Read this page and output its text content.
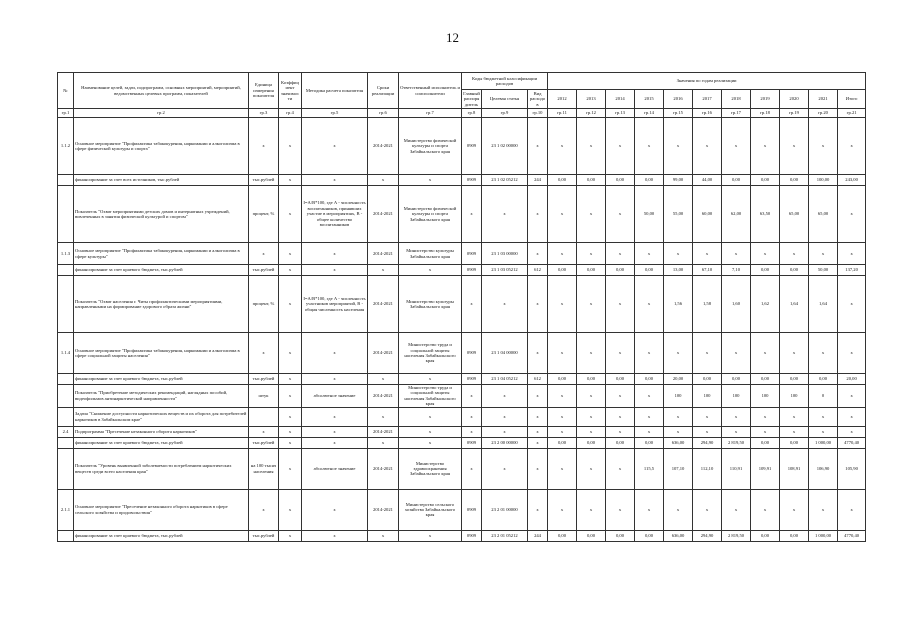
12
№	Наименование целей, задач, подпрограмм, основных мероприятий, мероприятий, ведомственных целевых программ, показателей	Единица измерения показателя	Коэффициент значимости	Методика расчета показателя	Сроки реализации	Ответственный исполнитель и соисполнители	Коды бюджетной классификации расходов			Значения по годам реализации											
							Главный распорядитель	Целевая статья	Вид расходов	2012	2013	2014	2015	2016	2017	2018	2019	2020	2021	Итого	
гр.1	гр.2	гр.3	гр.4	гр.5	гр.6	гр.7	гр.8	гр.9	гр.10	гр.11	гр.12	гр.13	гр.14	гр.15	гр.16	гр.17	гр.18	гр.19	гр.20	гр.21	
1.1.2	Основное мероприятие "Профилактика табакокурения, наркомании и алкоголизма в сфере физической культуры и спорта"	х	х	х	2014-2021	Министерство физической культуры и спорта Забайкальского края	0909	23 1 02 00000	х	х	х	х	х	х	х	х	х	х	х	х	
	финансирование за счет всех источников, тыс.рублей	тыс.рублей	х	х	х	х	0909	23 1 02 05212	244	0,00	0,00	0,00	0,00	99,00	44,00	0,00	0,00	0,00	100,00	243,00	
	Показатель "Охват мероприятиями детских домов и интернатных учреждений, вовлеченных в занятия физической культурой и спортом"	процент, %	х	I=A/B*100, где А - численность воспитанников, принявших участие в мероприятиях, В - общее количество воспитанников	2014-2021	Министерство физической культуры и спорта Забайкальского края	х	х	х	х	х	х	50,00	55,00	60,00	62,00	63,50	65,00	65,00	х	
1.1.3	Основное мероприятие "Профилактика табакокурения, наркомании и алкоголизма в сфере культуры"	х	х	х	2014-2021	Министерство культуры Забайкальского края	0909	23 1 03 00000	х	х	х	х	х	х	х	х	х	х	х	х	
	финансирование за счет краевого бюджета, тыс.рублей	тыс.рублей	х	х	х	х	0909	23 1 03 05212	612	0,00	0,00	0,00	0,00	13,00	67,10	7,10	0,00	0,00	50,00	137,20	
	Показатель "Охват населения г. Читы профилактическими мероприятиями, направленными на формирование здорового образа жизни"	процент, %	х	I=A/B*100, где А - численность участников мероприятий, В - общая численность населения	2014-2021	Министерство культуры Забайкальского края	х	х	х	х	х	х	х	1,56	1,58	1,60	1,62	1,64	1,64	х	
1.1.4	Основное мероприятие "Профилактика табакокурения, наркомании и алкоголизма в сфере социальной защиты населения"	х	х	х	2014-2021	Министерство труда и социальной защиты населения Забайкальского края	0909	23 1 04 00000	х	х	х	х	х	х	х	х	х	х	х	х	
	финансирование за счет краевого бюджета, тыс.рублей	тыс.рублей	х	х	х	х	0909	23 1 04 05212	612	0,00	0,00	0,00	0,00	20,00	0,00	0,00	0,00	0,00	0,00	20,00	
	Показатель "Приобретение методических рекомендаций, наглядных пособий, видеофильмов антинаркотической направленности"	штук	х	абсолютное значение	2014-2021	Министерство труда и социальной защиты населения Забайкальского края	х	х	х	х	х	х	х	100	100	100	100	100	0	х	
	Задача "Снижение доступности наркотических веществ и их оборота для потребителей наркотиков в Забайкальском крае"		х	х	х	х	х	х	х	х	х	х	х	х	х	х	х	х	х	х	
2.4	Подпрограмма "Пресечение незаконного оборота наркотиков"	х	х	х	2014-2021	х	х	х	х	х	х	х	х	х	х	х	х	х	х	х	
	финансирование за счет краевого бюджета, тыс.рублей	тыс.рублей	х	х	х	х	0909	23 2 00 00000	х	0,00	0,00	0,00	0,00	636,00	294,90	2 819,50	0,00	0,00	1 000,00	4770,40	
	Показатель "Уровень выявленной заболеваемости потреблением наркотических веществ среди всего населения края"	на 100 тысяч населения	х	абсолютное значение	2014-2021	Министерство здравоохранения Забайкальского края	х	х	х	х	х	х	115,5	107,10	112,10	110,91	109,91	108,91	106,90	105,90	
2.1.1	Основное мероприятие "Пресечение незаконного оборота наркотиков в сфере сельского хозяйства и продовольствия"	х	х	х	2014-2021	Министерство сельского хозяйства Забайкальского края	0909	23 2 01 00000	х	х	х	х	х	х	х	х	х	х	х	х	
	финансирование за счет краевого бюджета, тыс.рублей	тыс.рублей	х	х	х	х	0909	23 2 01 05212	244	0,00	0,00	0,00	0,00	636,00	294,90	2 819,50	0,00	0,00	1 000,00	4770,40	
